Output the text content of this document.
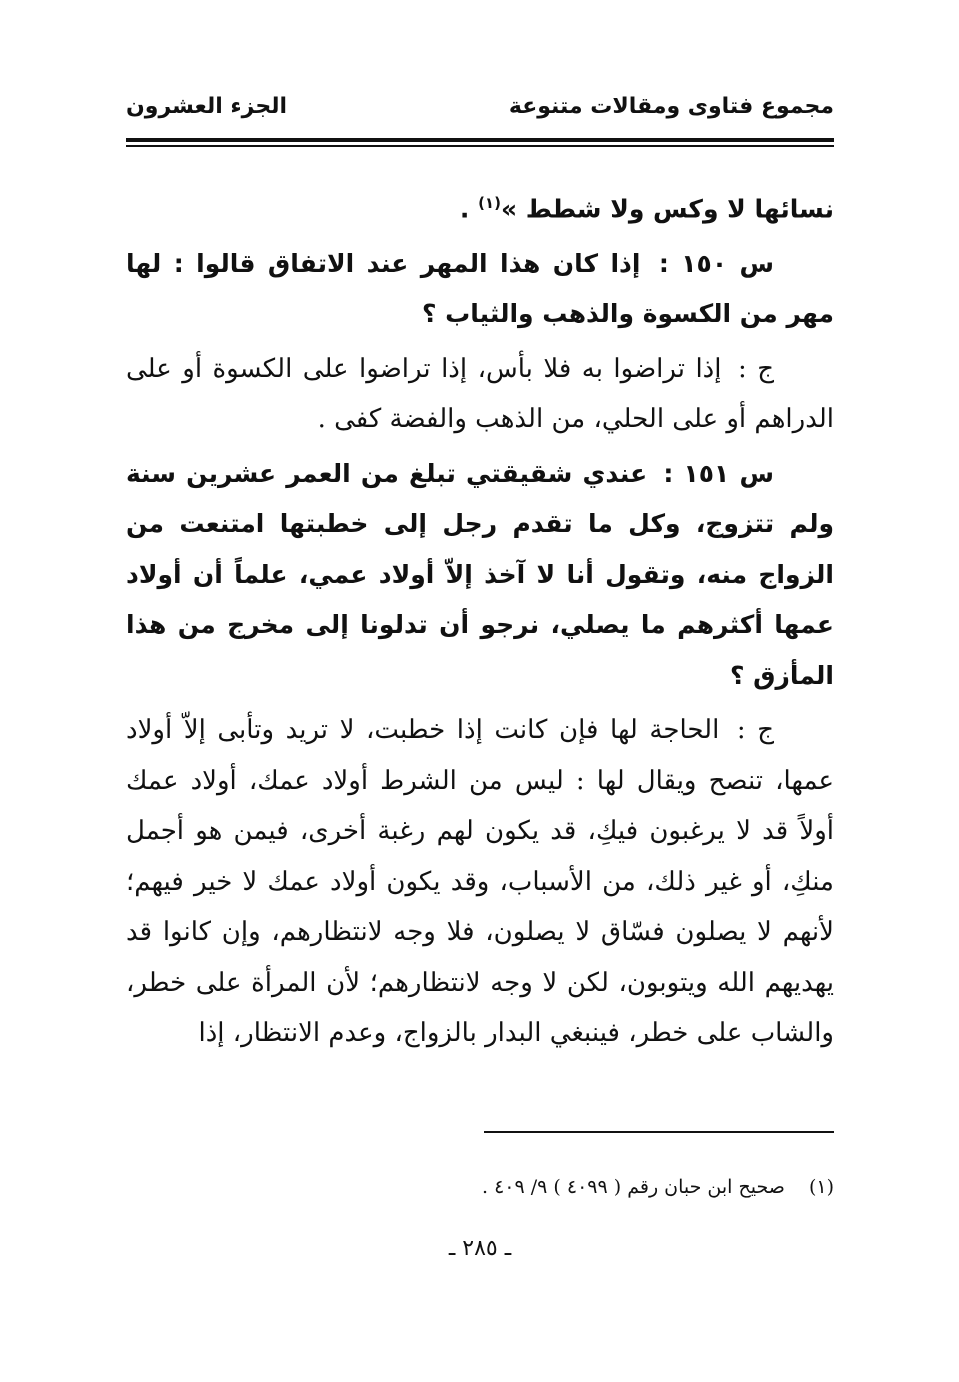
مجموع فتاوى ومقالات متنوعة
الجزء العشرون

نسائها لا وكس ولا شطط »$^{(١)}$ .

س ١٥٠ : إذا كان هذا المهر عند الاتفاق قالوا : لها مهر من الكسوة والذهب والثياب ؟

ج : إذا تراضوا به فلا بأس، إذا تراضوا على الكسوة أو على الدراهم أو على الحلي، من الذهب والفضة كفى .

س ١٥١ : عندي شقيقتي تبلغ من العمر عشرين سنة ولم تتزوج، وكل ما تقدم رجل إلى خطبتها امتنعت من الزواج منه، وتقول أنا لا آخذ إلاّ أولاد عمي، علماً أن أولاد عمها أكثرهم ما يصلي، نرجو أن تدلونا إلى مخرج من هذا المأزق ؟

ج : الحاجة لها فإن كانت إذا خطبت، لا تريد وتأبى إلاّ أولاد عمها، تنصح ويقال لها : ليس من الشرط أولاد عمك، أولاد عمك أولاً قد لا يرغبون فيكِ، قد يكون لهم رغبة أخرى، فيمن هو أجمل منكِ، أو غير ذلك، من الأسباب، وقد يكون أولاد عمك لا خير فيهم؛ لأنهم لا يصلون فسّاق لا يصلون، فلا وجه لانتظارهم، وإن كانوا قد يهديهم الله ويتوبون، لكن لا وجه لانتظارهم؛ لأن المرأة على خطر، والشاب على خطر، فينبغي البدار بالزواج، وعدم الانتظار، إذا

(١) صحيح ابن حبان رقم ( ٤٠٩٩ ) ٩/ ٤٠٩ .
ـ ٢٨٥ ـ
